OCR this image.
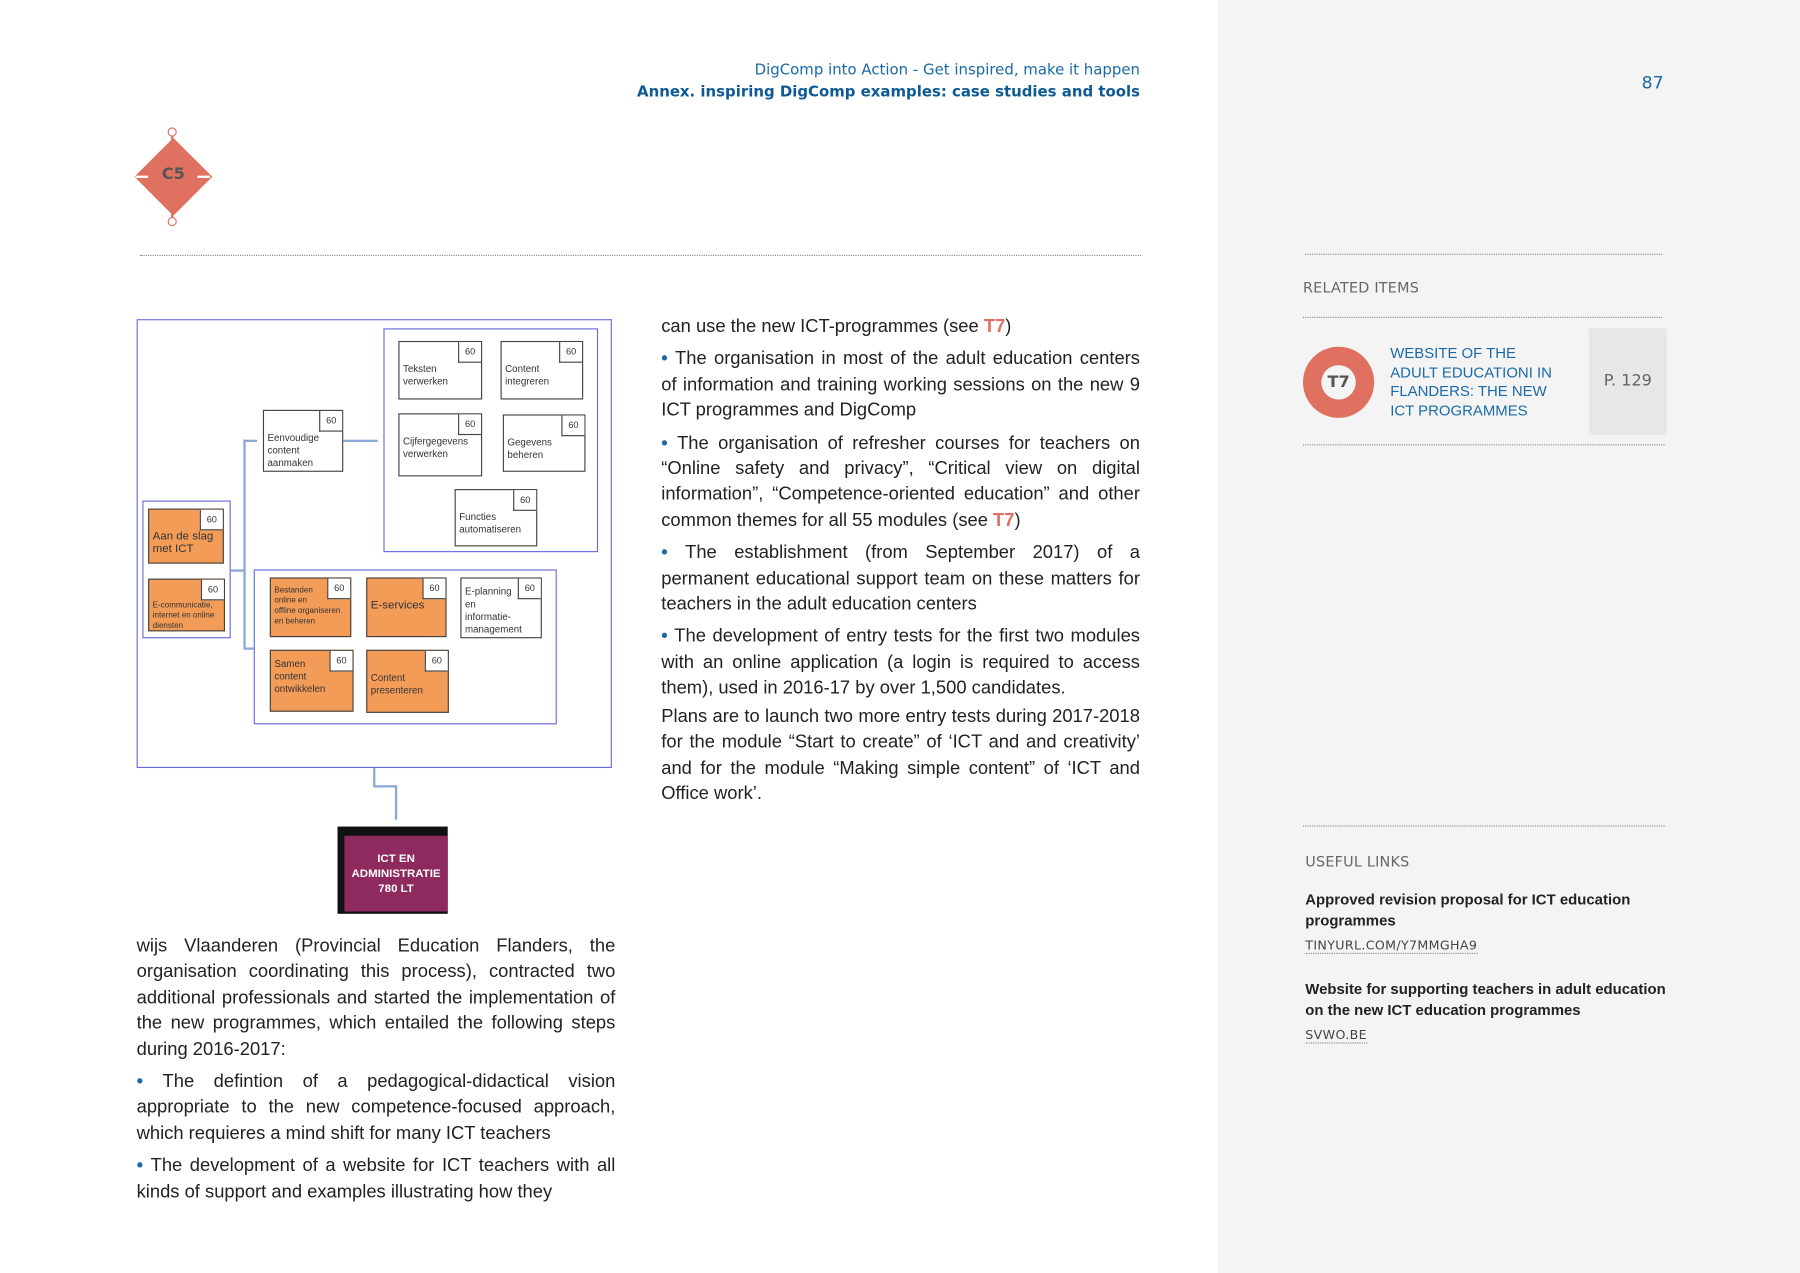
DigComp into Action - Get inspired, make it happen
Annex. inspiring DigComp examples: case studies and tools	87
C5
Teksten verwerken
60
Content integreren
60
Cijfergegevens verwerken
60
Gegevens beheren
60
Functies automatiseren
60
Eenvoudige content aanmaken
60
Aan de slag met ICT
60
E-communicatie, internet en online diensten
60	60
Bestanden online en offline organiseren en beheren
E-services
60	60
E-planning en informatie-management
60
Samen content ontwikkelen
Content presenteren
60
ICT EN
ADMINISTRATIE
780 LT

wijs Vlaanderen (Provincial Education Flanders, the organisation coordinating this process), contracted two additional professionals and started the implementation of the new programmes, which entailed the following steps during 2016-2017:

• The defintion of a pedagogical-didactical vision appropriate to the new competence-focused approach, which requieres a mind shift for many ICT teachers

• The development of a website for ICT teachers with all kinds of support and examples illustrating how they

can use the new ICT-programmes (see T7)

• The organisation in most of the adult education centers of information and training working sessions on the new 9 ICT programmes and DigComp

• The organisation of refresher courses for teachers on “Online safety and privacy”, “Critical view on digital information”, “Competence-oriented education” and other common themes for all 55 modules (see T7)

• The establishment (from September 2017) of a permanent educational support team on these matters for teachers in the adult education centers

• The development of entry tests for the first two modules with an online application (a login is required to access them), used in 2016-17 by over 1,500 candidates.

Plans are to launch two more entry tests during 2017-2018 for the module “Start to create” of ‘ICT and and creativity’ and for the module “Making simple content” of ‘ICT and Office work’.

RELATED ITEMS
T7
WEBSITE OF THE
ADULT EDUCATIONI IN
FLANDERS: THE NEW
ICT PROGRAMMES
P. 129
USEFUL LINKS
Approved revision proposal for ICT education programmes
TINYURL.COM/Y7MMGHA9
Website for supporting teachers in adult education on the new ICT education programmes
SVWO.BE
